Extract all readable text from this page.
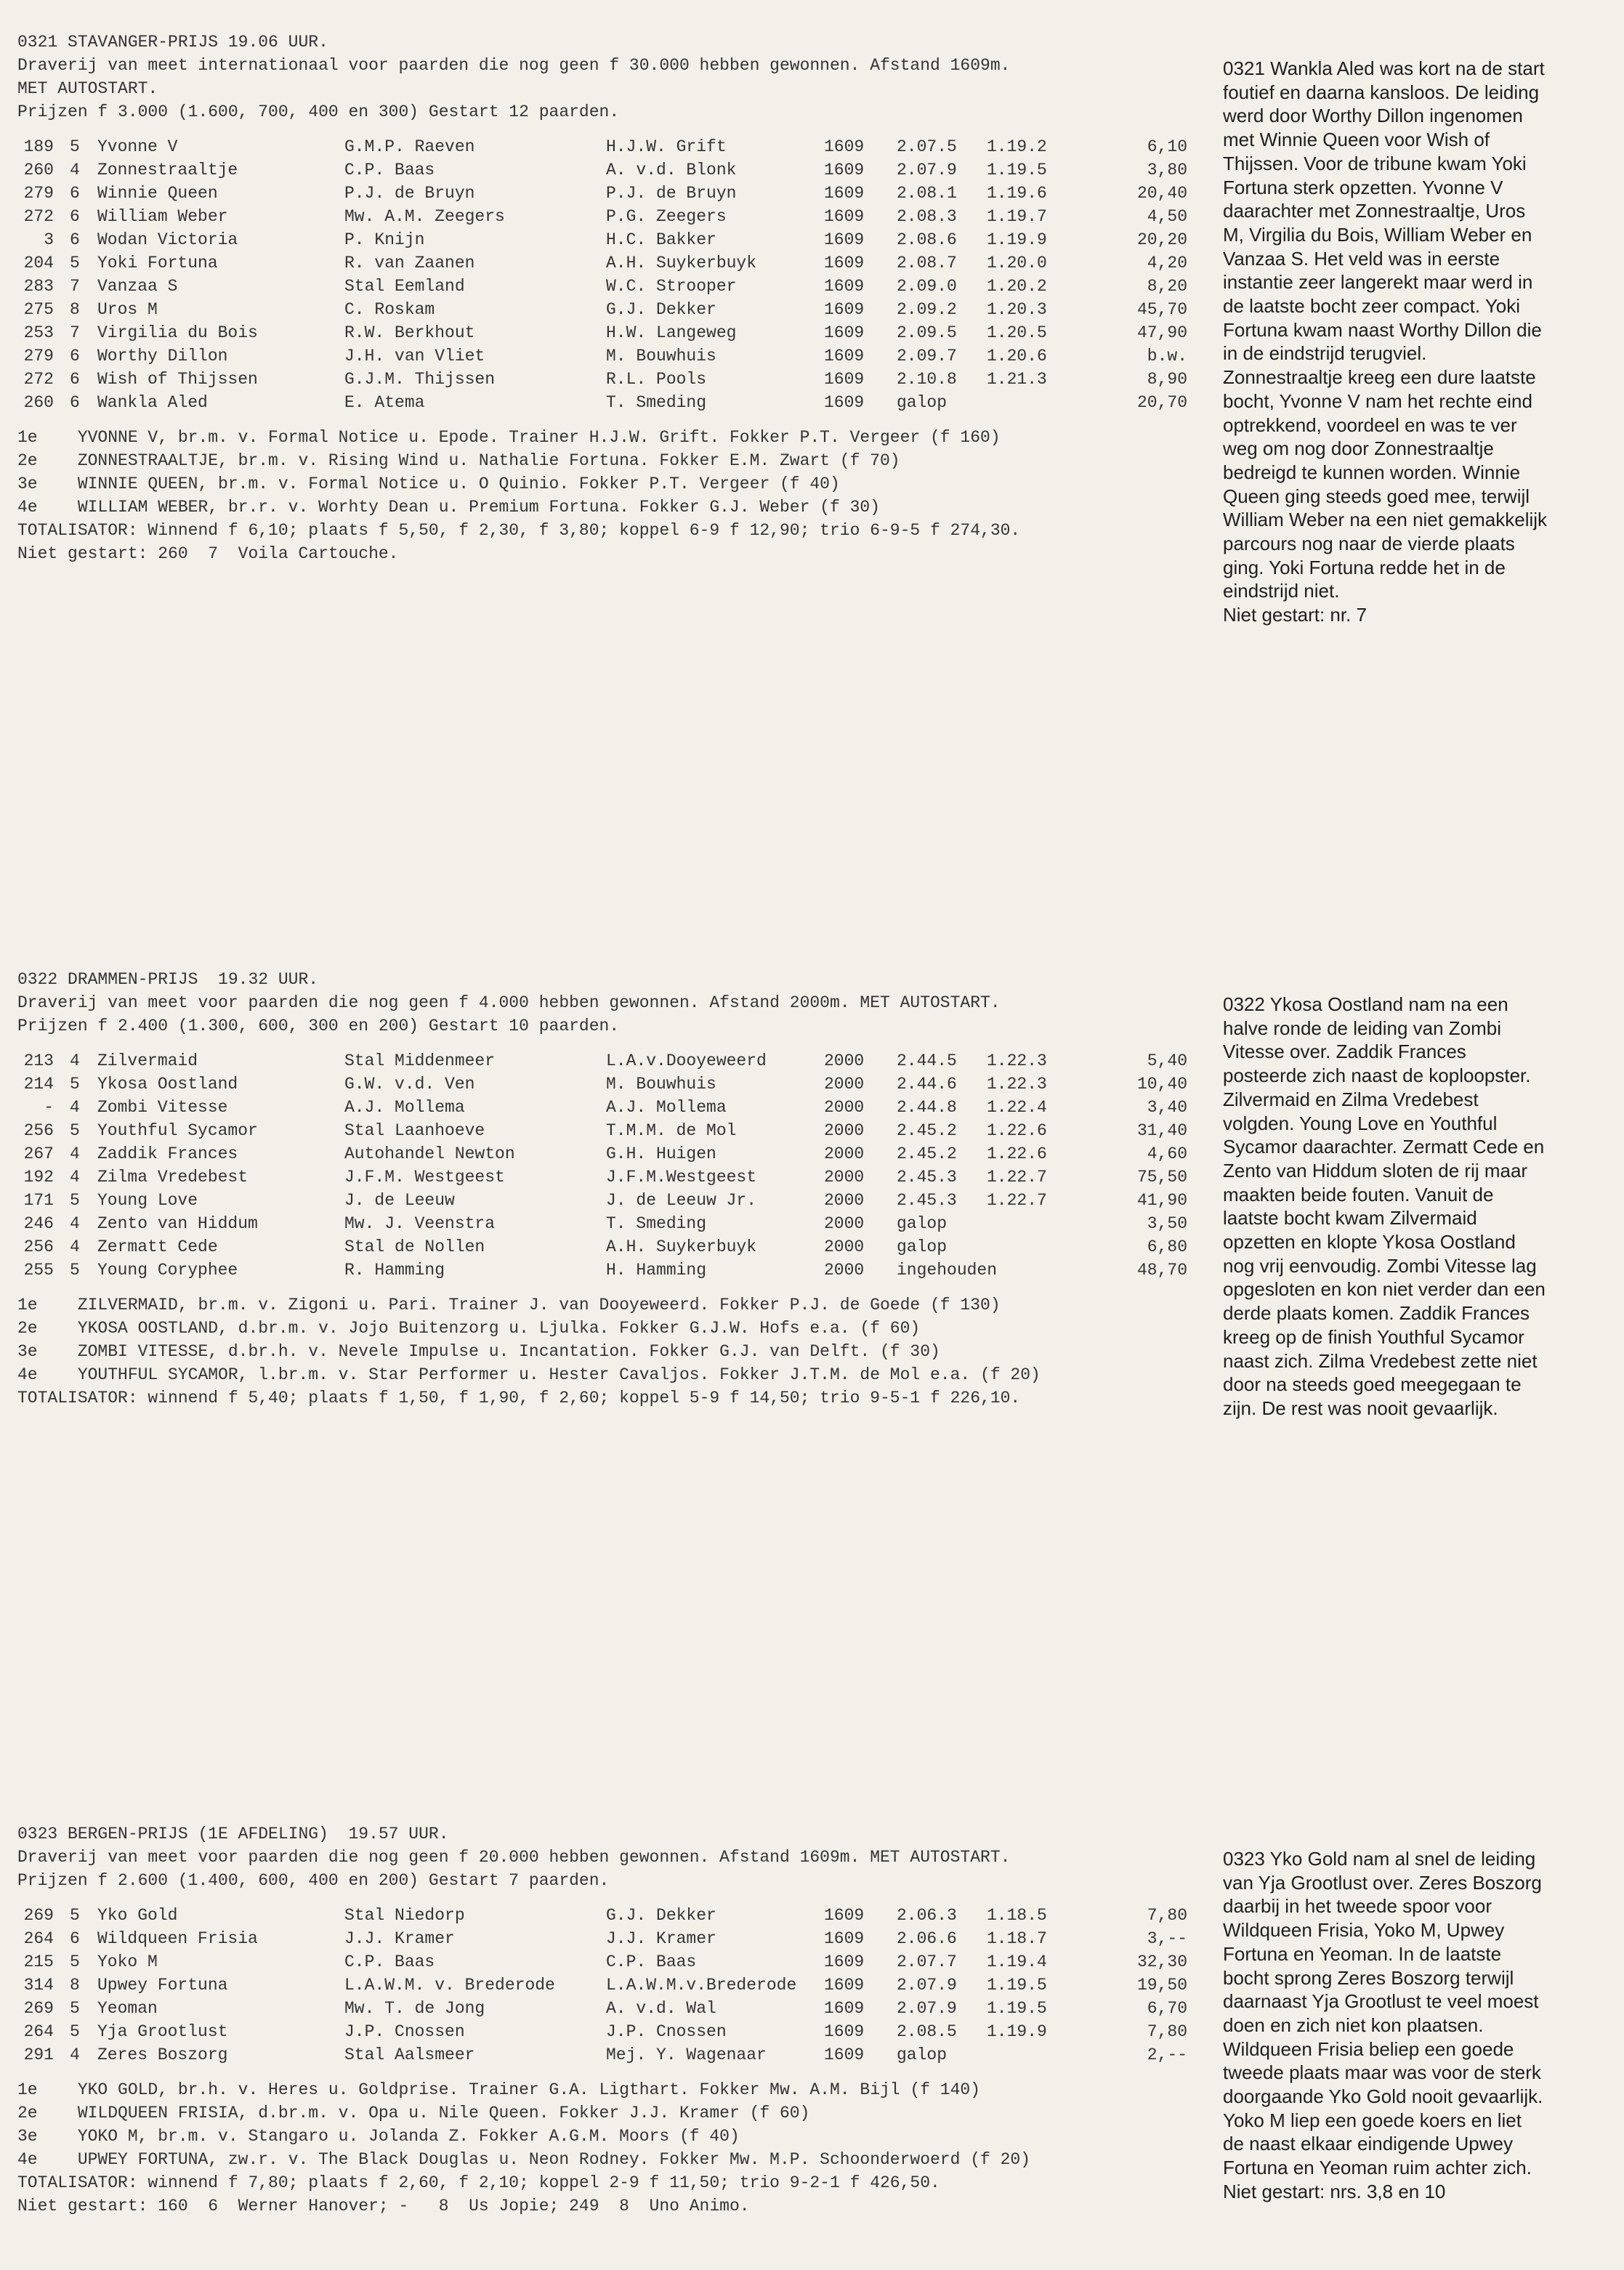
0321 STAVANGER-PRIJS 19.06 UUR.
Draverij van meet internationaal voor paarden die nog geen f 30.000 hebben gewonnen. Afstand 1609m.
MET AUTOSTART.
Prijzen f 3.000 (1.600, 700, 400 en 300) Gestart 12 paarden.
189 5 Yvonne V	G.M.P. Raeven	H.J.W. Grift	1609 2.07.5 1.19.2	6,10
260 4 Zonnestraaltje	C.P. Baas	A. v.d. Blonk	1609 2.07.9 1.19.5	3,80
279 6 Winnie Queen	P.J. de Bruyn	P.J. de Bruyn	1609 2.08.1 1.19.6	20,40
272 6 William Weber	Mw. A.M. Zeegers	P.G. Zeegers	1609 2.08.3 1.19.7	4,50
3 6 Wodan Victoria	P. Knijn	H.C. Bakker	1609 2.08.6 1.19.9	20,20
204 5 Yoki Fortuna	R. van Zaanen	A.H. Suykerbuyk	1609 2.08.7 1.20.0	4,20
283 7 Vanzaa S	Stal Eemland	W.C. Strooper	1609 2.09.0 1.20.2	8,20
275 8 Uros M	C. Roskam	G.J. Dekker	1609 2.09.2 1.20.3	45,70
253 7 Virgilia du Bois	R.W. Berkhout	H.W. Langeweg	1609 2.09.5 1.20.5	47,90
279 6 Worthy Dillon	J.H. van Vliet	M. Bouwhuis	1609 2.09.7 1.20.6	b.w.
272 6 Wish of Thijssen	G.J.M. Thijssen	R.L. Pools	1609 2.10.8 1.21.3	8,90
260 6 Wankla Aled	E. Atema	T. Smeding	1609 galop	20,70
1e    YVONNE V, br.m. v. Formal Notice u. Epode. Trainer H.J.W. Grift. Fokker P.T. Vergeer (f 160)
2e    ZONNESTRAALTJE, br.m. v. Rising Wind u. Nathalie Fortuna. Fokker E.M. Zwart (f 70)
3e    WINNIE QUEEN, br.m. v. Formal Notice u. O Quinio. Fokker P.T. Vergeer (f 40)
4e    WILLIAM WEBER, br.r. v. Worhty Dean u. Premium Fortuna. Fokker G.J. Weber (f 30)
TOTALISATOR: Winnend f 6,10; plaats f 5,50, f 2,30, f 3,80; koppel 6-9 f 12,90; trio 6-9-5 f 274,30.
Niet gestart: 260  7  Voila Cartouche.
0321 Wankla Aled was kort na de start
foutief en daarna kansloos. De leiding
werd door Worthy Dillon ingenomen
met Winnie Queen voor Wish of
Thijssen. Voor de tribune kwam Yoki
Fortuna sterk opzetten. Yvonne V
daarachter met Zonnestraaltje, Uros
M, Virgilia du Bois, William Weber en
Vanzaa S. Het veld was in eerste
instantie zeer langerekt maar werd in
de laatste bocht zeer compact. Yoki
Fortuna kwam naast Worthy Dillon die
in de eindstrijd terugviel.
Zonnestraaltje kreeg een dure laatste
bocht, Yvonne V nam het rechte eind
optrekkend, voordeel en was te ver
weg om nog door Zonnestraaltje
bedreigd te kunnen worden. Winnie
Queen ging steeds goed mee, terwijl
William Weber na een niet gemakkelijk
parcours nog naar de vierde plaats
ging. Yoki Fortuna redde het in de
eindstrijd niet.
Niet gestart: nr. 7
0322 DRAMMEN-PRIJS  19.32 UUR.
Draverij van meet voor paarden die nog geen f 4.000 hebben gewonnen. Afstand 2000m. MET AUTOSTART.
Prijzen f 2.400 (1.300, 600, 300 en 200) Gestart 10 paarden.
213 4 Zilvermaid	Stal Middenmeer	L.A.v.Dooyeweerd	2000 2.44.5 1.22.3	5,40
214 5 Ykosa Oostland	G.W. v.d. Ven	M. Bouwhuis	2000 2.44.6 1.22.3	10,40
- 4 Zombi Vitesse	A.J. Mollema	A.J. Mollema	2000 2.44.8 1.22.4	3,40
256 5 Youthful Sycamor	Stal Laanhoeve	T.M.M. de Mol	2000 2.45.2 1.22.6	31,40
267 4 Zaddik Frances	Autohandel Newton	G.H. Huigen	2000 2.45.2 1.22.6	4,60
192 4 Zilma Vredebest	J.F.M. Westgeest	J.F.M.Westgeest	2000 2.45.3 1.22.7	75,50
171 5 Young Love	J. de Leeuw	J. de Leeuw Jr.	2000 2.45.3 1.22.7	41,90
246 4 Zento van Hiddum	Mw. J. Veenstra	T. Smeding	2000 galop	3,50
256 4 Zermatt Cede	Stal de Nollen	A.H. Suykerbuyk	2000 galop	6,80
255 5 Young Coryphee	R. Hamming	H. Hamming	2000 ingehouden	48,70
1e    ZILVERMAID, br.m. v. Zigoni u. Pari. Trainer J. van Dooyeweerd. Fokker P.J. de Goede (f 130)
2e    YKOSA OOSTLAND, d.br.m. v. Jojo Buitenzorg u. Ljulka. Fokker G.J.W. Hofs e.a. (f 60)
3e    ZOMBI VITESSE, d.br.h. v. Nevele Impulse u. Incantation. Fokker G.J. van Delft. (f 30)
4e    YOUTHFUL SYCAMOR, l.br.m. v. Star Performer u. Hester Cavaljos. Fokker J.T.M. de Mol e.a. (f 20)
TOTALISATOR: winnend f 5,40; plaats f 1,50, f 1,90, f 2,60; koppel 5-9 f 14,50; trio 9-5-1 f 226,10.
0322 Ykosa Oostland nam na een
halve ronde de leiding van Zombi
Vitesse over. Zaddik Frances
posteerde zich naast de koploopster.
Zilvermaid en Zilma Vredebest
volgden. Young Love en Youthful
Sycamor daarachter. Zermatt Cede en
Zento van Hiddum sloten de rij maar
maakten beide fouten. Vanuit de
laatste bocht kwam Zilvermaid
opzetten en klopte Ykosa Oostland
nog vrij eenvoudig. Zombi Vitesse lag
opgesloten en kon niet verder dan een
derde plaats komen. Zaddik Frances
kreeg op de finish Youthful Sycamor
naast zich. Zilma Vredebest zette niet
door na steeds goed meegegaan te
zijn. De rest was nooit gevaarlijk.
0323 BERGEN-PRIJS (1E AFDELING)  19.57 UUR.
Draverij van meet voor paarden die nog geen f 20.000 hebben gewonnen. Afstand 1609m. MET AUTOSTART.
Prijzen f 2.600 (1.400, 600, 400 en 200) Gestart 7 paarden.
269 5 Yko Gold	Stal Niedorp	G.J. Dekker	1609 2.06.3 1.18.5	7,80
264 6 Wildqueen Frisia	J.J. Kramer	J.J. Kramer	1609 2.06.6 1.18.7	3,--
215 5 Yoko M	C.P. Baas	C.P. Baas	1609 2.07.7 1.19.4	32,30
314 8 Upwey Fortuna	L.A.W.M. v. Brederode	L.A.W.M.v.Brederode 1609 2.07.9 1.19.5	19,50
269 5 Yeoman	Mw. T. de Jong	A. v.d. Wal	1609 2.07.9 1.19.5	6,70
264 5 Yja Grootlust	J.P. Cnossen	J.P. Cnossen	1609 2.08.5 1.19.9	7,80
291 4 Zeres Boszorg	Stal Aalsmeer	Mej. Y. Wagenaar	1609 galop	2,--
1e    YKO GOLD, br.h. v. Heres u. Goldprise. Trainer G.A. Ligthart. Fokker Mw. A.M. Bijl (f 140)
2e    WILDQUEEN FRISIA, d.br.m. v. Opa u. Nile Queen. Fokker J.J. Kramer (f 60)
3e    YOKO M, br.m. v. Stangaro u. Jolanda Z. Fokker A.G.M. Moors (f 40)
4e    UPWEY FORTUNA, zw.r. v. The Black Douglas u. Neon Rodney. Fokker Mw. M.P. Schoonderwoerd (f 20)
TOTALISATOR: winnend f 7,80; plaats f 2,60, f 2,10; koppel 2-9 f 11,50; trio 9-2-1 f 426,50.
Niet gestart: 160  6  Werner Hanover; -   8  Us Jopie; 249  8  Uno Animo.
0323 Yko Gold nam al snel de leiding
van Yja Grootlust over. Zeres Boszorg
daarbij in het tweede spoor voor
Wildqueen Frisia, Yoko M, Upwey
Fortuna en Yeoman. In de laatste
bocht sprong Zeres Boszorg terwijl
daarnaast Yja Grootlust te veel moest
doen en zich niet kon plaatsen.
Wildqueen Frisia beliep een goede
tweede plaats maar was voor de sterk
doorgaande Yko Gold nooit gevaarlijk.
Yoko M liep een goede koers en liet
de naast elkaar eindigende Upwey
Fortuna en Yeoman ruim achter zich.
Niet gestart: nrs. 3,8 en 10
